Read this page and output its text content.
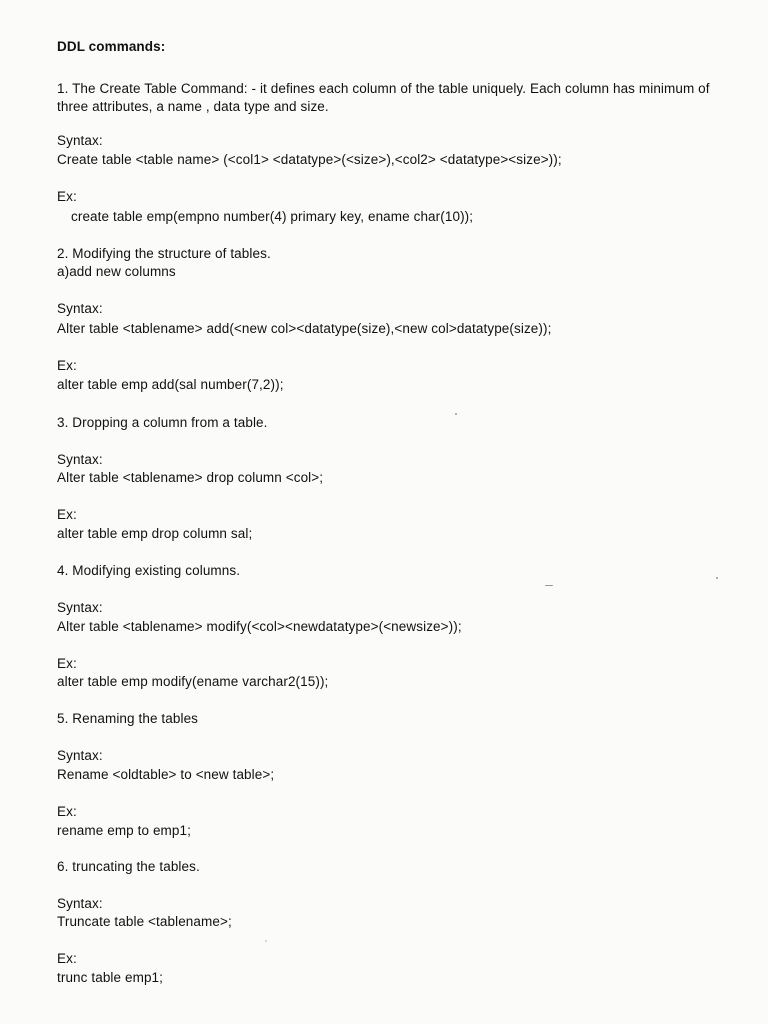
DDL commands:
1. The Create Table Command: - it defines each column of the table uniquely. Each column has minimum of three attributes, a name , data type and size.
Syntax:
Create table <table name> (<col1> <datatype>(<size>),<col2> <datatype><size>));
Ex:
create table emp(empno number(4) primary key, ename char(10));
2. Modifying the structure of tables.
a)add new columns
Syntax:
Alter table <tablename> add(<new col><datatype(size),<new col>datatype(size));
Ex:
alter table emp add(sal number(7,2));
3. Dropping a column from a table.
Syntax:
Alter table <tablename> drop column <col>;
Ex:
alter table emp drop column sal;
4. Modifying existing columns.
Syntax:
Alter table <tablename> modify(<col><newdatatype>(<newsize>));
Ex:
alter table emp modify(ename varchar2(15));
5. Renaming the tables
Syntax:
Rename <oldtable> to <new table>;
Ex:
rename emp to emp1;
6. truncating the tables.
Syntax:
Truncate table <tablename>;
Ex:
trunc table emp1;
